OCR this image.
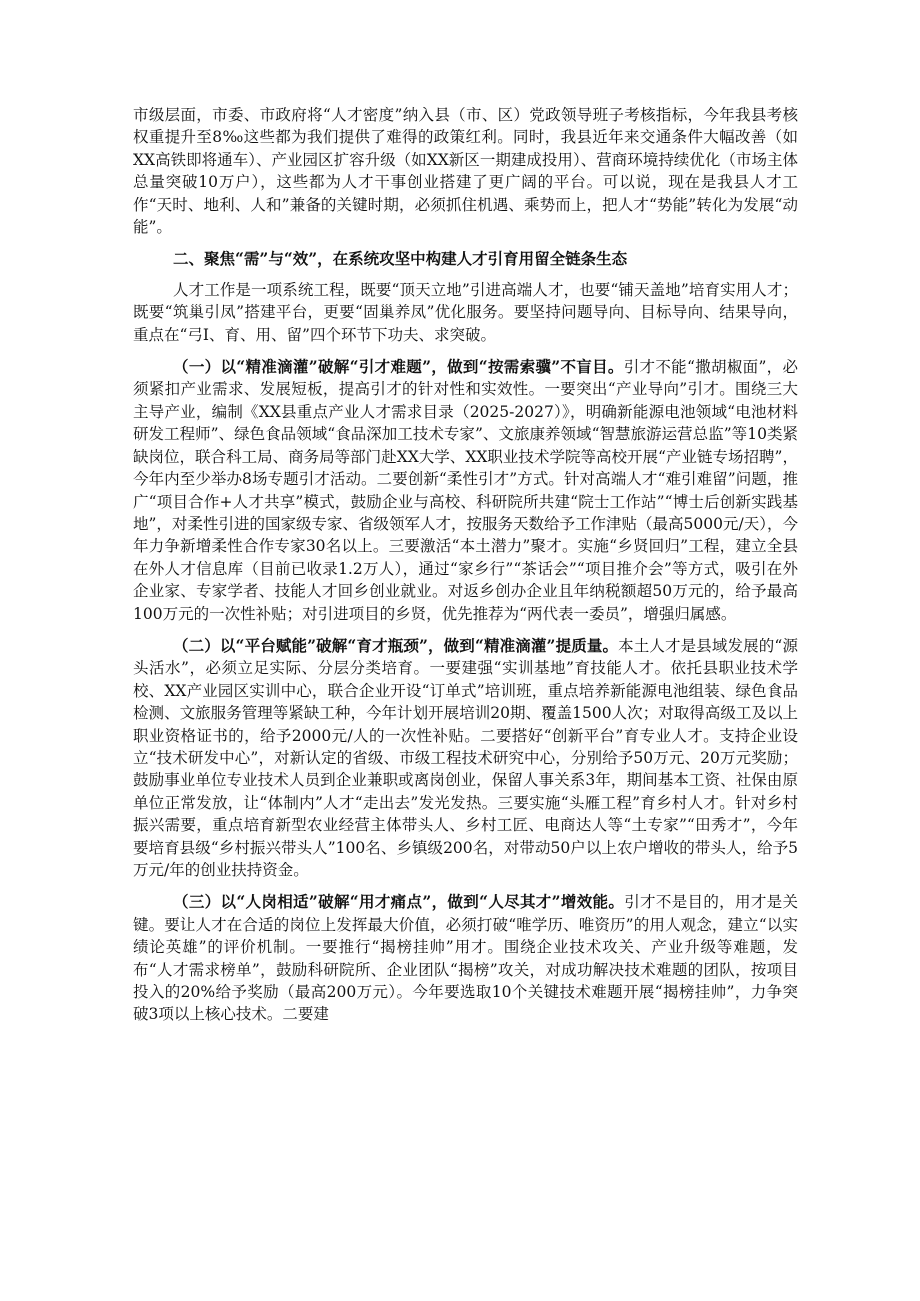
市级层面，市委、市政府将“人才密度”纳入县（市、区）党政领导班子考核指标，今年我县考核权重提升至8‰这些都为我们提供了难得的政策红利。同时，我县近年来交通条件大幅改善（如XX高铁即将通车）、产业园区扩容升级（如XX新区一期建成投用）、营商环境持续优化（市场主体总量突破10万户），这些都为人才干事创业搭建了更广阔的平台。可以说，现在是我县人才工作“天时、地利、人和”兼备的关键时期，必须抓住机遇、乘势而上，把人才“势能”转化为发展“动能”。

二、聚焦“需”与“效”，在系统攻坚中构建人才引育用留全链条生态

人才工作是一项系统工程，既要“顶天立地”引进高端人才，也要“铺天盖地”培育实用人才；既要“筑巢引凤”搭建平台，更要“固巢养凤”优化服务。要坚持问题导向、目标导向、结果导向，重点在“弓I、育、用、留”四个环节下功夫、求突破。

（一）以“精准滴灌”破解“引才难题”，做到“按需索骥”不盲目。引才不能“撒胡椒面”，必须紧扣产业需求、发展短板，提高引才的针对性和实效性。一要突出“产业导向”引才。围绕三大主导产业，编制《XX县重点产业人才需求目录（2025-2027）》，明确新能源电池领域“电池材料研发工程师”、绿色食品领域“食品深加工技术专家”、文旅康养领域“智慧旅游运营总监”等10类紧缺岗位，联合科工局、商务局等部门赴XX大学、XX职业技术学院等高校开展“产业链专场招聘”，今年内至少举办8场专题引才活动。二要创新“柔性引才”方式。针对高端人才“难引难留”问题，推广“项目合作+人才共享”模式，鼓励企业与高校、科研院所共建“院士工作站”“博士后创新实践基地”，对柔性引进的国家级专家、省级领军人才，按服务天数给予工作津贴（最高5000元/天），今年力争新增柔性合作专家30名以上。三要激活“本土潜力”聚才。实施“乡贤回归”工程，建立全县在外人才信息库（目前已收录1.2万人），通过“家乡行”“茶话会”“项目推介会”等方式，吸引在外企业家、专家学者、技能人才回乡创业就业。对返乡创办企业且年纳税额超50万元的，给予最高100万元的一次性补贴；对引进项目的乡贤，优先推荐为“两代表一委员”，增强归属感。

（二）以“平台赋能”破解“育才瓶颈”，做到“精准滴灌”提质量。本土人才是县域发展的“源头活水”，必须立足实际、分层分类培育。一要建强“实训基地”育技能人才。依托县职业技术学校、XX产业园区实训中心，联合企业开设“订单式”培训班，重点培养新能源电池组装、绿色食品检测、文旅服务管理等紧缺工种，今年计划开展培训20期、覆盖1500人次；对取得高级工及以上职业资格证书的，给予2000元/人的一次性补贴。二要搭好“创新平台”育专业人才。支持企业设立“技术研发中心”，对新认定的省级、市级工程技术研究中心，分别给予50万元、20万元奖励；鼓励事业单位专业技术人员到企业兼职或离岗创业，保留人事关系3年，期间基本工资、社保由原单位正常发放，让“体制内”人才“走出去”发光发热。三要实施“头雁工程”育乡村人才。针对乡村振兴需要，重点培育新型农业经营主体带头人、乡村工匠、电商达人等“土专家”“田秀才”，今年要培育县级“乡村振兴带头人”100名、乡镇级200名，对带动50户以上农户增收的带头人，给予5万元/年的创业扶持资金。

（三）以“人岗相适”破解“用才痛点”，做到“人尽其才”增效能。引才不是目的，用才是关键。要让人才在合适的岗位上发挥最大价值，必须打破“唯学历、唯资历”的用人观念，建立“以实绩论英雄”的评价机制。一要推行“揭榜挂帅”用才。围绕企业技术攻关、产业升级等难题，发布“人才需求榜单”，鼓励科研院所、企业团队“揭榜”攻关，对成功解决技术难题的团队，按项目投入的20%给予奖励（最高200万元）。今年要选取10个关键技术难题开展“揭榜挂帅”，力争突破3项以上核心技术。二要建
